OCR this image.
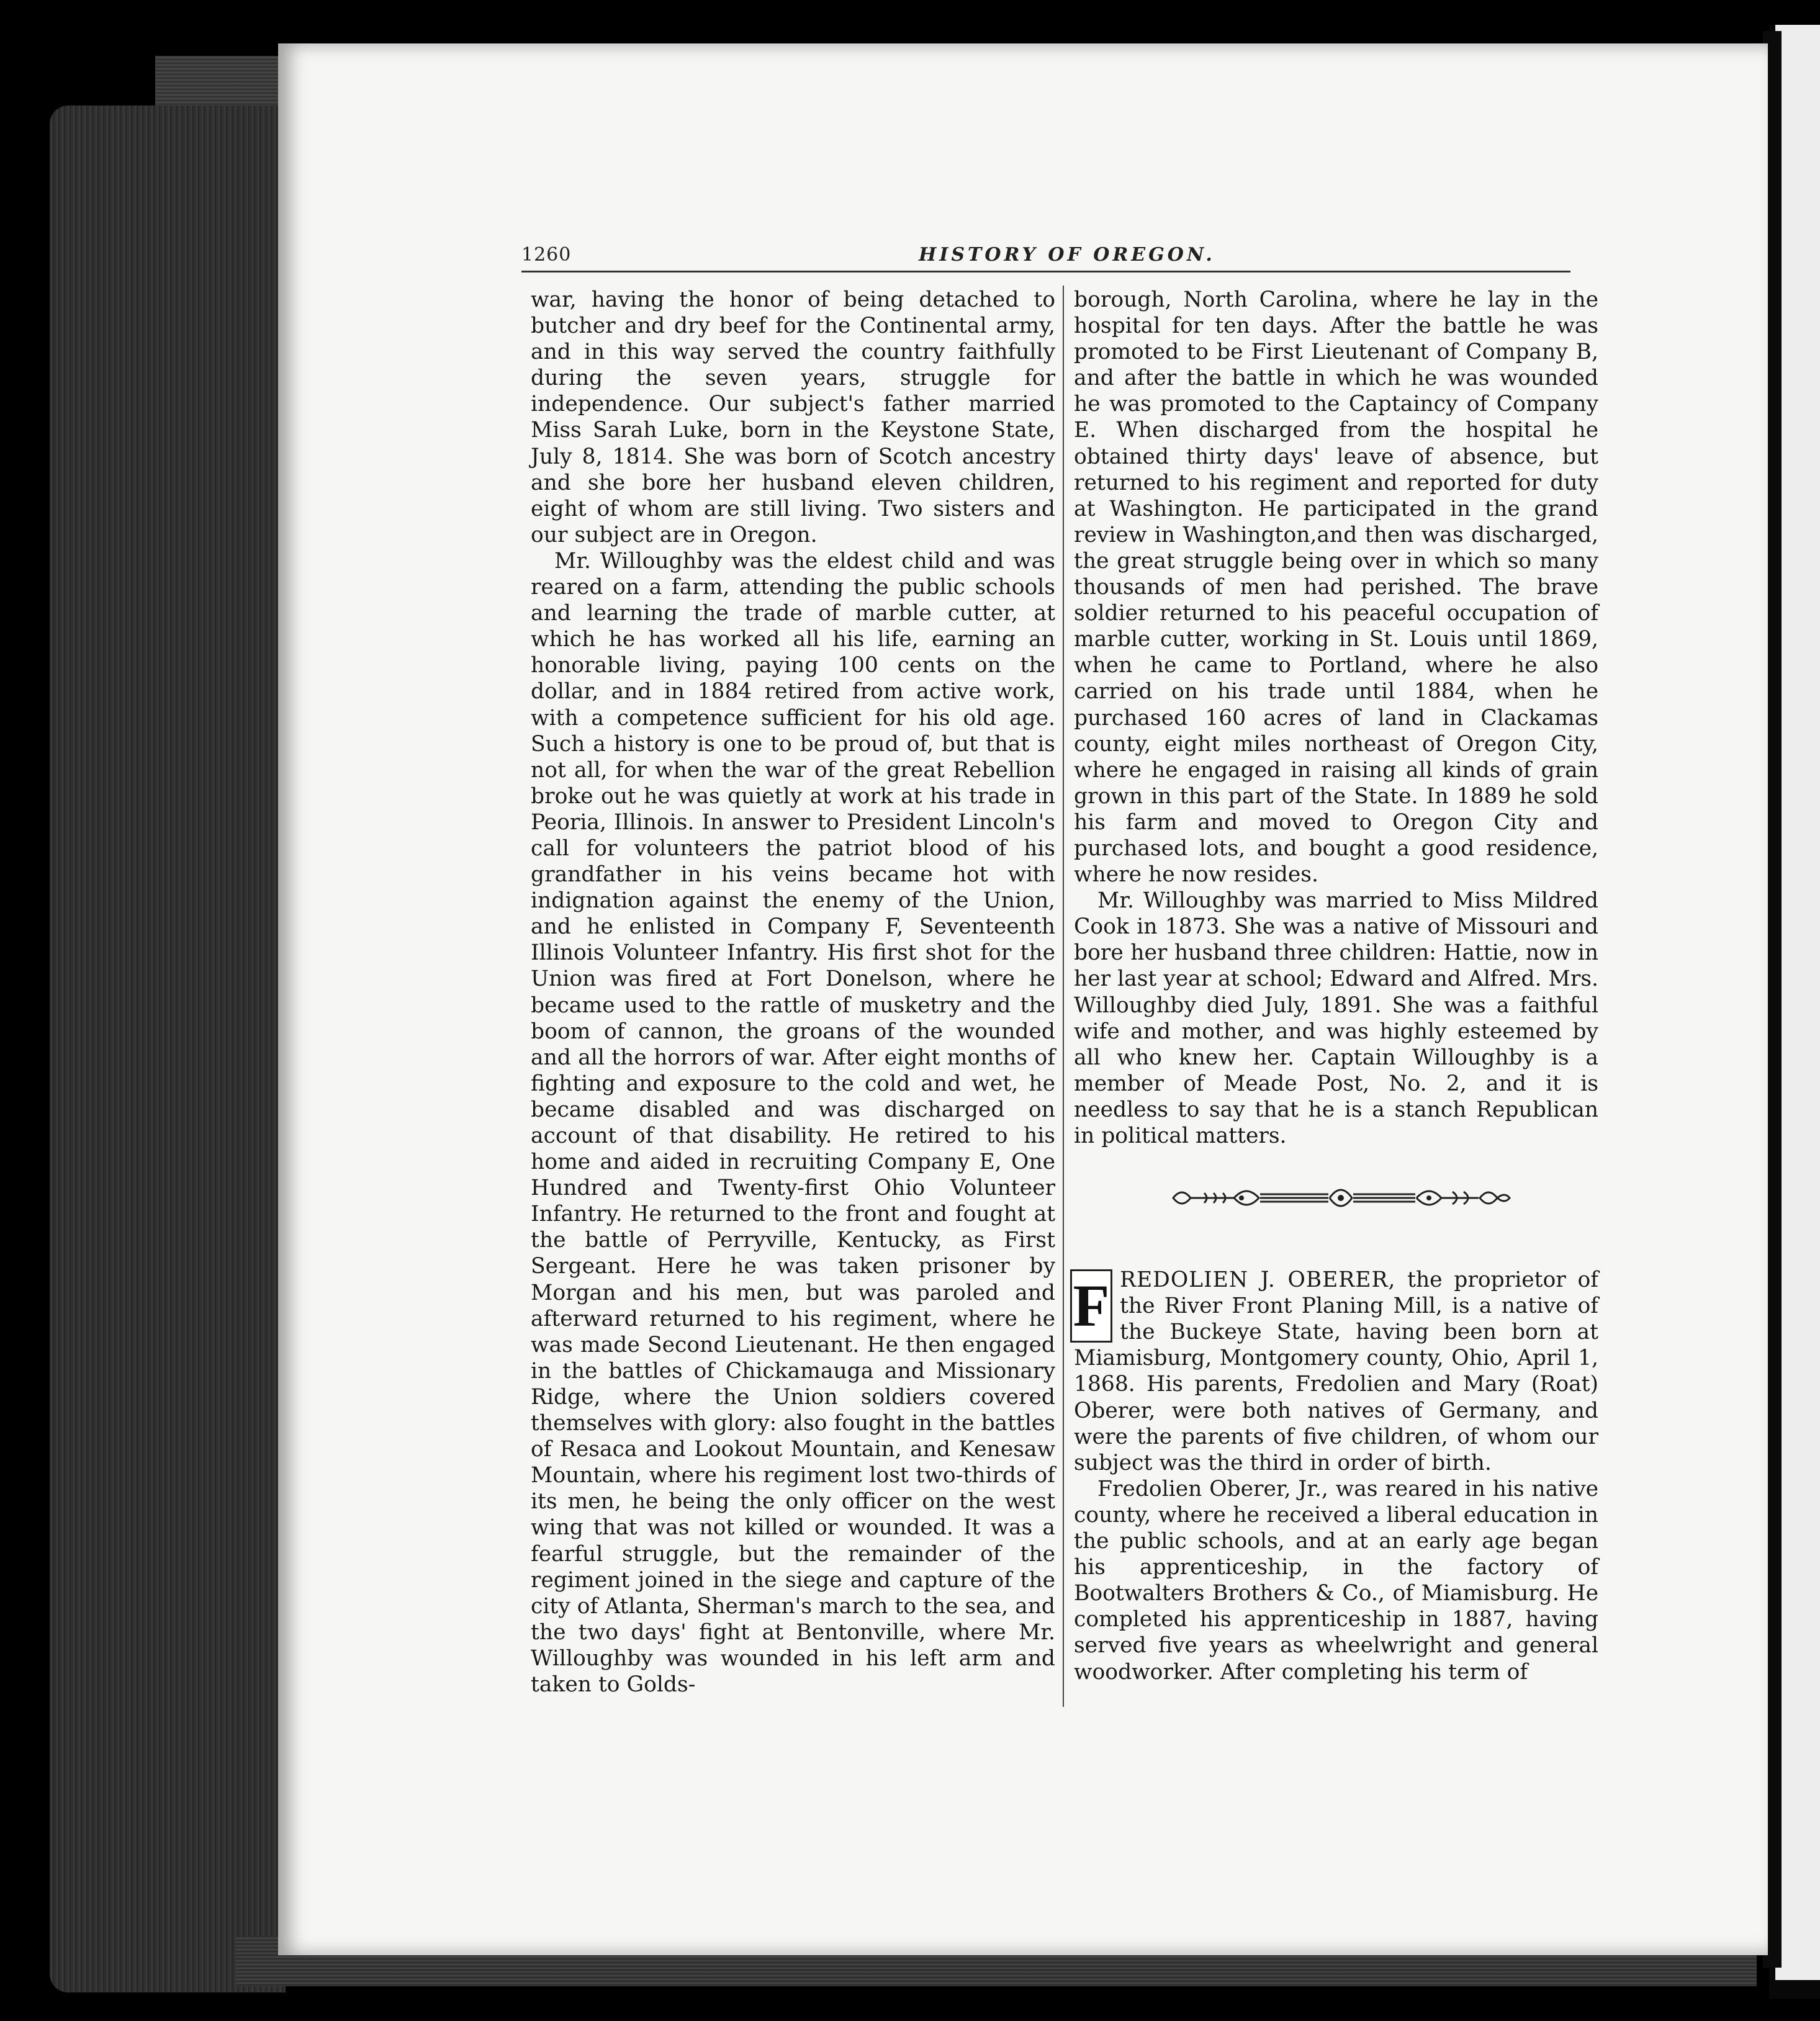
1260	HISTORY OF OREGON.

war, having the honor of being detached to butcher and dry beef for the Continental army, and in this way served the country faithfully during the seven years, struggle for independence. Our subject's father married Miss Sarah Luke, born in the Keystone State, July 8, 1814. She was born of Scotch ancestry and she bore her husband eleven children, eight of whom are still living. Two sisters and our subject are in Oregon.

Mr. Willoughby was the eldest child and was reared on a farm, attending the public schools and learning the trade of marble cutter, at which he has worked all his life, earning an honorable living, paying 100 cents on the dollar, and in 1884 retired from active work, with a competence sufficient for his old age. Such a history is one to be proud of, but that is not all, for when the war of the great Rebellion broke out he was quietly at work at his trade in Peoria, Illinois. In answer to President Lincoln's call for volunteers the patriot blood of his grandfather in his veins became hot with indignation against the enemy of the Union, and he enlisted in Company F, Seventeenth Illinois Volunteer Infantry. His first shot for the Union was fired at Fort Donelson, where he became used to the rattle of musketry and the boom of cannon, the groans of the wounded and all the horrors of war. After eight months of fighting and exposure to the cold and wet, he became disabled and was discharged on account of that disability. He retired to his home and aided in recruiting Company E, One Hundred and Twenty-first Ohio Volunteer Infantry. He returned to the front and fought at the battle of Perryville, Kentucky, as First Sergeant. Here he was taken prisoner by Morgan and his men, but was paroled and afterward returned to his regiment, where he was made Second Lieutenant. He then engaged in the battles of Chickamauga and Missionary Ridge, where the Union soldiers covered themselves with glory: also fought in the battles of Resaca and Lookout Mountain, and Kenesaw Mountain, where his regiment lost two-thirds of its men, he being the only officer on the west wing that was not killed or wounded. It was a fearful struggle, but the remainder of the regiment joined in the siege and capture of the city of Atlanta, Sherman's march to the sea, and the two days' fight at Bentonville, where Mr. Willoughby was wounded in his left arm and taken to Golds-

borough, North Carolina, where he lay in the hospital for ten days. After the battle he was promoted to be First Lieutenant of Company B, and after the battle in which he was wounded he was promoted to the Captaincy of Company E. When discharged from the hospital he obtained thirty days' leave of absence, but returned to his regiment and reported for duty at Washington. He participated in the grand review in Washington,and then was discharged, the great struggle being over in which so many thousands of men had perished. The brave soldier returned to his peaceful occupation of marble cutter, working in St. Louis until 1869, when he came to Portland, where he also carried on his trade until 1884, when he purchased 160 acres of land in Clackamas county, eight miles northeast of Oregon City, where he engaged in raising all kinds of grain grown in this part of the State. In 1889 he sold his farm and moved to Oregon City and purchased lots, and bought a good residence, where he now resides.

Mr. Willoughby was married to Miss Mildred Cook in 1873. She was a native of Missouri and bore her husband three children: Hattie, now in her last year at school; Edward and Alfred. Mrs. Willoughby died July, 1891. She was a faithful wife and mother, and was highly esteemed by all who knew her. Captain Willoughby is a member of Meade Post, No. 2, and it is needless to say that he is a stanch Republican in political matters.

F REDOLIEN J. OBERER, the proprietor of the River Front Planing Mill, is a native of the Buckeye State, having been born at Miamisburg, Montgomery county, Ohio, April 1, 1868. His parents, Fredolien and Mary (Roat) Oberer, were both natives of Germany, and were the parents of five children, of whom our subject was the third in order of birth.

Fredolien Oberer, Jr., was reared in his native county, where he received a liberal education in the public schools, and at an early age began his apprenticeship, in the factory of Bootwalters Brothers & Co., of Miamisburg. He completed his apprenticeship in 1887, having served five years as wheelwright and general woodworker. After completing his term of
